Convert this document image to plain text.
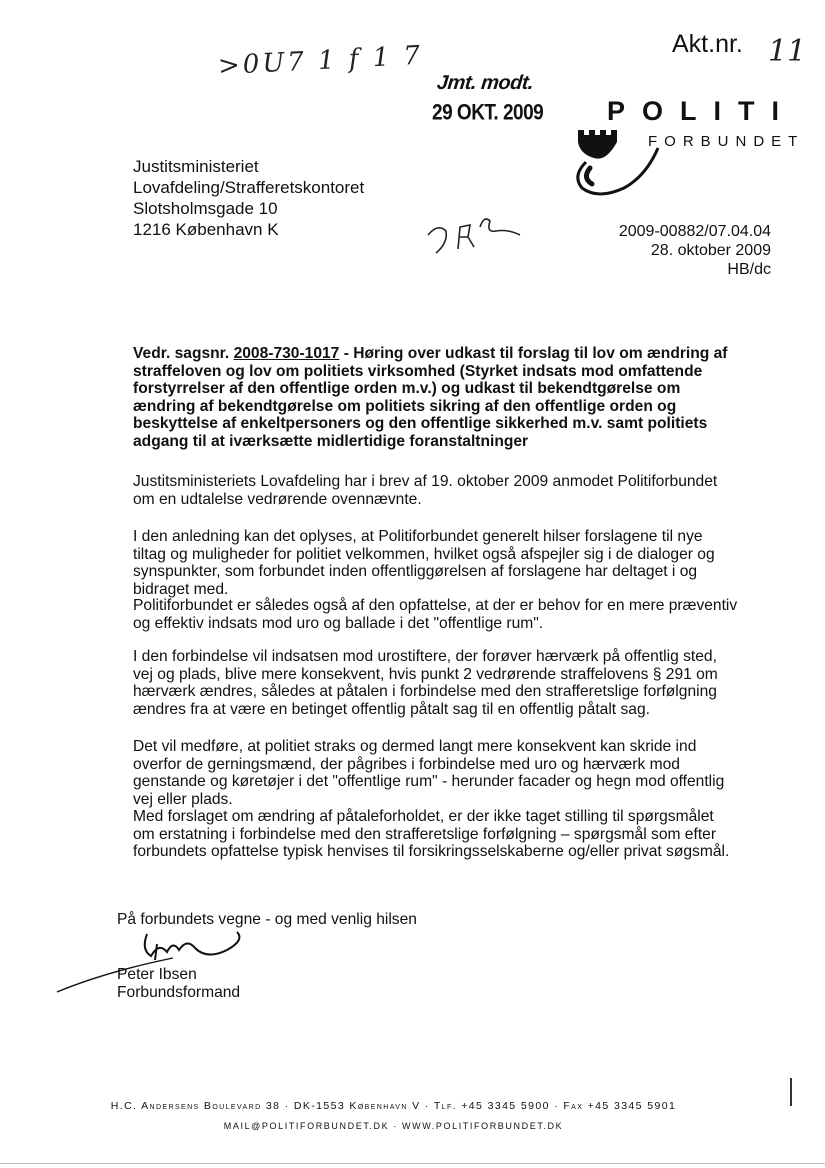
>0U7 1 f 1 7
Jmt. modt.
29 OKT. 2009
Akt.nr. 11
POLITI
FORBUNDET
Justitsministeriet
Lovafdeling/Strafferetskontoret
Slotsholmsgade 10
1216 København K	2009-00882/07.04.04
28. oktober 2009
HB/dc
Vedr. sagsnr. 2008-730-1017 - Høring over udkast til forslag til lov om ændring af straffeloven og lov om politiets virksomhed (Styrket indsats mod omfattende forstyrrelser af den offentlige orden m.v.) og udkast til bekendtgørelse om ændring af bekendtgørelse om politiets sikring af den offentlige orden og beskyttelse af enkeltpersoners og den offentlige sikkerhed m.v. samt politiets adgang til at iværksætte midlertidige foranstaltninger
Justitsministeriets Lovafdeling har i brev af 19. oktober 2009 anmodet Politiforbundet om en udtalelse vedrørende ovennævnte.
I den anledning kan det oplyses, at Politiforbundet generelt hilser forslagene til nye tiltag og muligheder for politiet velkommen, hvilket også afspejler sig i de dialoger og synspunkter, som forbundet inden offentliggørelsen af forslagene har deltaget i og bidraget med.
Politiforbundet er således også af den opfattelse, at der er behov for en mere præventiv og effektiv indsats mod uro og ballade i det "offentlige rum".
I den forbindelse vil indsatsen mod urostiftere, der forøver hærværk på offentlig sted, vej og plads, blive mere konsekvent, hvis punkt 2 vedrørende straffelovens § 291 om hærværk ændres, således at påtalen i forbindelse med den strafferetslige forfølgning ændres fra at være en betinget offentlig påtalt sag til en offentlig påtalt sag.
Det vil medføre, at politiet straks og dermed langt mere konsekvent kan skride ind overfor de gerningsmænd, der pågribes i forbindelse med uro og hærværk mod genstande og køretøjer i det "offentlige rum" - herunder facader og hegn mod offentlig vej eller plads.
Med forslaget om ændring af påtaleforholdet, er der ikke taget stilling til spørgsmålet om erstatning i forbindelse med den strafferetslige forfølgning – spørgsmål som efter forbundets opfattelse typisk henvises til forsikringsselskaberne og/eller privat søgsmål.
På forbundets vegne - og med venlig hilsen
Peter Ibsen
Forbundsformand
H.C. Andersens Boulevard 38 · DK-1553 København V · Tlf. +45 3345 5900 · Fax +45 3345 5901
MAIL@POLITIFORBUNDET.DK · WWW.POLITIFORBUNDET.DK
